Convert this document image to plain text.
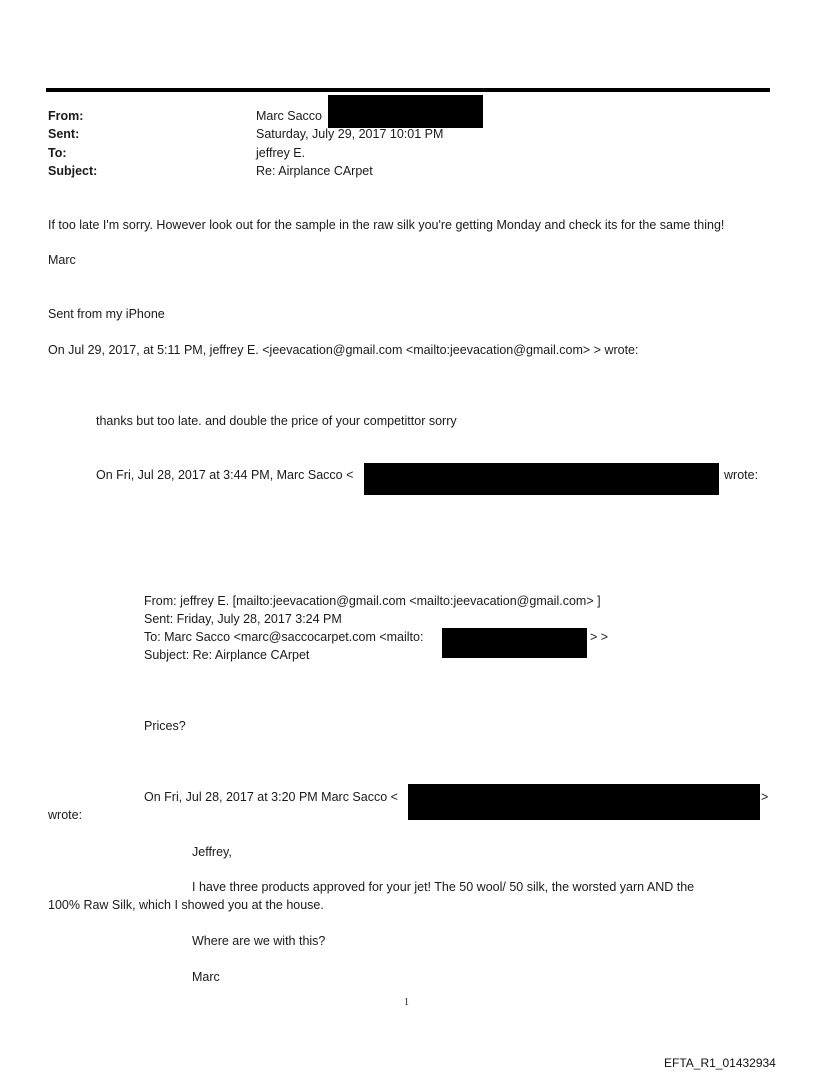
From:	Marc Sacco
Sent:	Saturday, July 29, 2017 10:01 PM
To:	jeffrey E.
Subject:	Re: Airplance CArpet
If too late I'm sorry. However look out for the sample in the raw silk you're getting Monday and check its for the same thing!
Marc
Sent from my iPhone
On Jul 29, 2017, at 5:11 PM, jeffrey E. <jeevacation@gmail.com <mailto:jeevacation@gmail.com> > wrote:
thanks but too late. and double the price of your competittor sorry
On Fri, Jul 28, 2017 at 3:44 PM, Marc Sacco <	wrote:
From: jeffrey E. [mailto:jeevacation@gmail.com <mailto:jeevacation@gmail.com> ]
Sent: Friday, July 28, 2017 3:24 PM
To: Marc Sacco <marc@saccocarpet.com <mailto:	> >
Subject: Re: Airplance CArpet
Prices?
On Fri, Jul 28, 2017 at 3:20 PM Marc Sacco <	>
wrote:
Jeffrey,
I have three products approved for your jet! The 50 wool/ 50 silk, the worsted yarn AND the
100% Raw Silk, which I showed you at the house.
Where are we with this?
Marc
1
EFTA_R1_01432934
